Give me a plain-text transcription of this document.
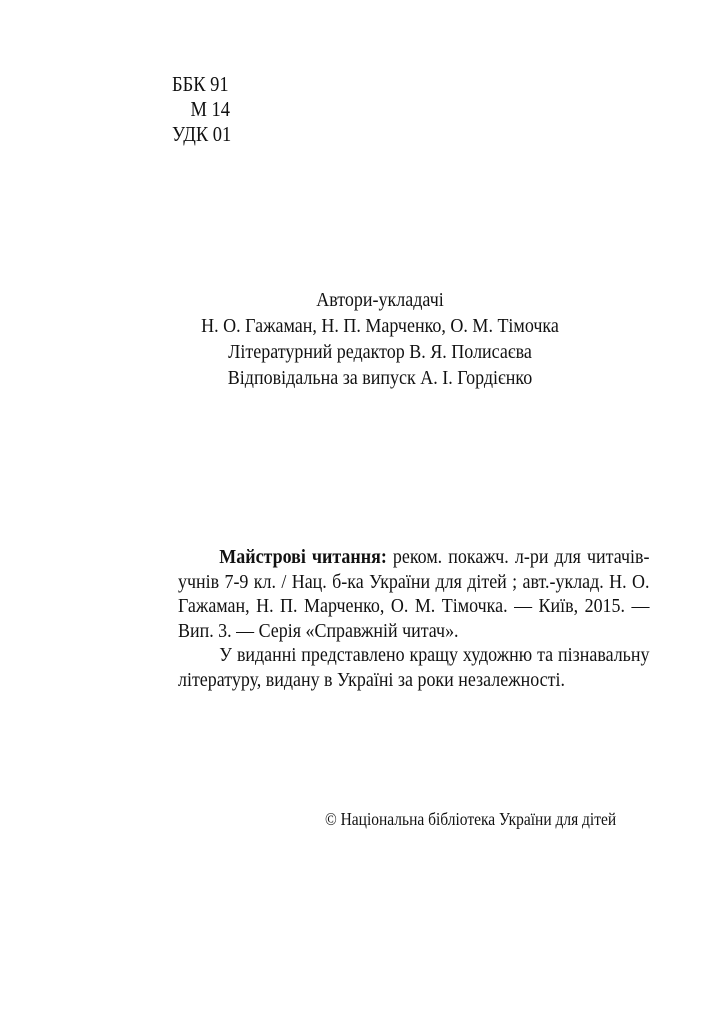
ББК 91
М 14
УДК 01
Автори-укладачі
Н. О. Гажаман, Н. П. Марченко, О. М. Тімочка
Літературний редактор В. Я. Полисаєва
Відповідальна за випуск А. І. Гордієнко

Майстрові читання: реком. покажч. л-ри для читачів-учнів 7-9 кл. / Нац. б-ка України для дітей ; авт.-уклад. Н. О. Гажаман, Н. П. Марченко, О. М. Тімочка. — Київ, 2015. — Вип. 3. — Серія «Справжній читач».

У виданні представлено кращу художню та пізнавальну літературу, видану в Україні за роки незалежності.

© Національна бібліотека України для дітей
